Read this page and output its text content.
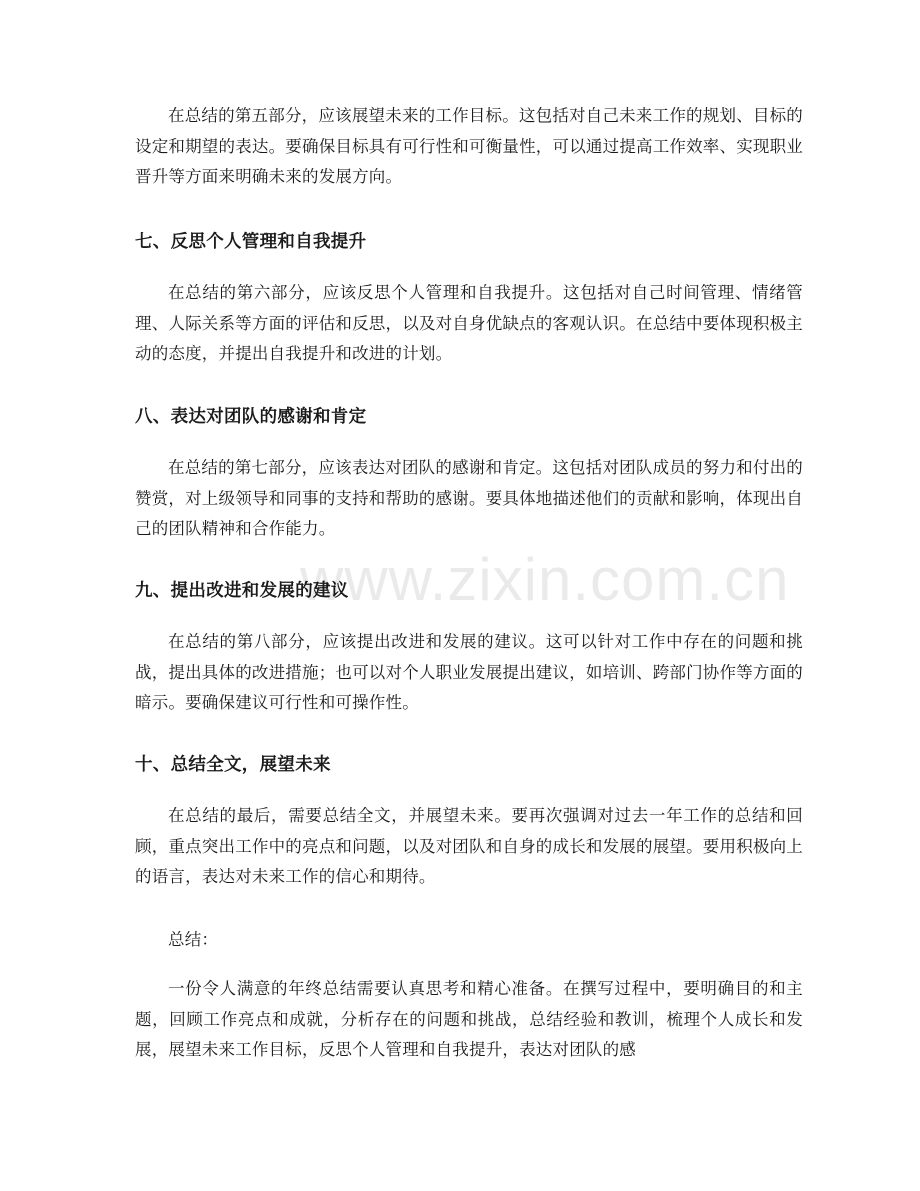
在总结的第五部分，应该展望未来的工作目标。这包括对自己未来工作的规划、目标的设定和期望的表达。要确保目标具有可行性和可衡量性，可以通过提高工作效率、实现职业晋升等方面来明确未来的发展方向。

七、反思个人管理和自我提升

在总结的第六部分，应该反思个人管理和自我提升。这包括对自己时间管理、情绪管理、人际关系等方面的评估和反思，以及对自身优缺点的客观认识。在总结中要体现积极主动的态度，并提出自我提升和改进的计划。

八、表达对团队的感谢和肯定

在总结的第七部分，应该表达对团队的感谢和肯定。这包括对团队成员的努力和付出的赞赏，对上级领导和同事的支持和帮助的感谢。要具体地描述他们的贡献和影响，体现出自己的团队精神和合作能力。

九、提出改进和发展的建议

在总结的第八部分，应该提出改进和发展的建议。这可以针对工作中存在的问题和挑战，提出具体的改进措施；也可以对个人职业发展提出建议，如培训、跨部门协作等方面的暗示。要确保建议可行性和可操作性。

十、总结全文，展望未来

在总结的最后，需要总结全文，并展望未来。要再次强调对过去一年工作的总结和回顾，重点突出工作中的亮点和问题，以及对团队和自身的成长和发展的展望。要用积极向上的语言，表达对未来工作的信心和期待。

总结：

一份令人满意的年终总结需要认真思考和精心准备。在撰写过程中，要明确目的和主题，回顾工作亮点和成就，分析存在的问题和挑战，总结经验和教训，梳理个人成长和发展，展望未来工作目标，反思个人管理和自我提升，表达对团队的感

www.zixin.com.cn
